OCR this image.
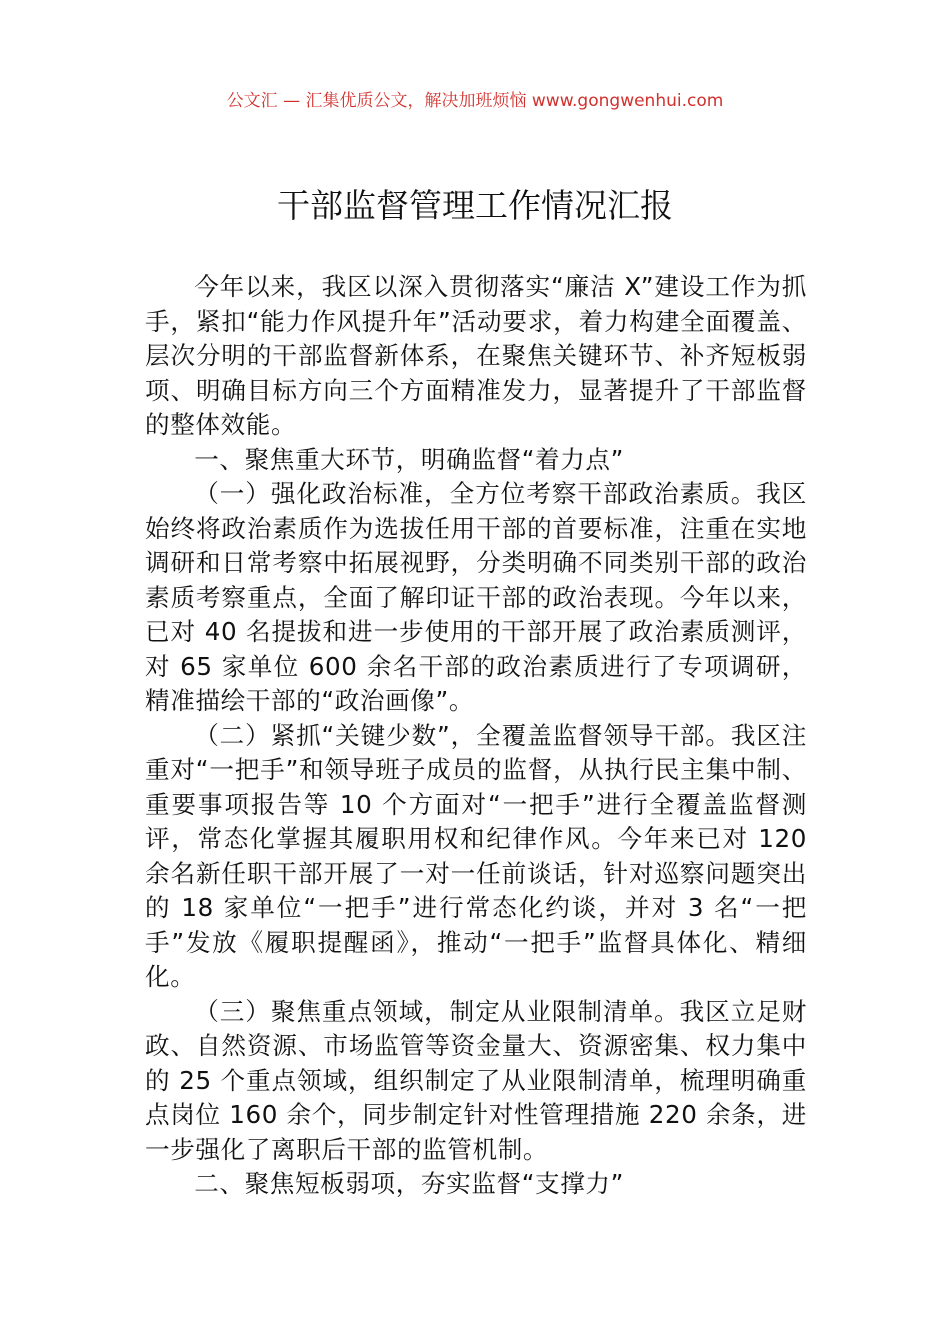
公文汇 — 汇集优质公文，解决加班烦恼 www.gongwenhui.com
干部监督管理工作情况汇报

今年以来，我区以深入贯彻落实“廉洁 X”建设工作为抓手，紧扣“能力作风提升年”活动要求，着力构建全面覆盖、层次分明的干部监督新体系，在聚焦关键环节、补齐短板弱项、明确目标方向三个方面精准发力，显著提升了干部监督的整体效能。

一、聚焦重大环节，明确监督“着力点”

（一）强化政治标准，全方位考察干部政治素质。我区始终将政治素质作为选拔任用干部的首要标准，注重在实地调研和日常考察中拓展视野，分类明确不同类别干部的政治素质考察重点，全面了解印证干部的政治表现。今年以来，已对 40 名提拔和进一步使用的干部开展了政治素质测评，对 65 家单位 600 余名干部的政治素质进行了专项调研，精准描绘干部的“政治画像”。

（二）紧抓“关键少数”，全覆盖监督领导干部。我区注重对“一把手”和领导班子成员的监督，从执行民主集中制、重要事项报告等 10 个方面对“一把手”进行全覆盖监督测评，常态化掌握其履职用权和纪律作风。今年来已对 120 余名新任职干部开展了一对一任前谈话，针对巡察问题突出的 18 家单位“一把手”进行常态化约谈，并对 3 名“一把手”发放《履职提醒函》，推动“一把手”监督具体化、精细化。

（三）聚焦重点领域，制定从业限制清单。我区立足财政、自然资源、市场监管等资金量大、资源密集、权力集中的 25 个重点领域，组织制定了从业限制清单，梳理明确重点岗位 160 余个，同步制定针对性管理措施 220 余条，进一步强化了离职后干部的监管机制。

二、聚焦短板弱项，夯实监督“支撑力”
